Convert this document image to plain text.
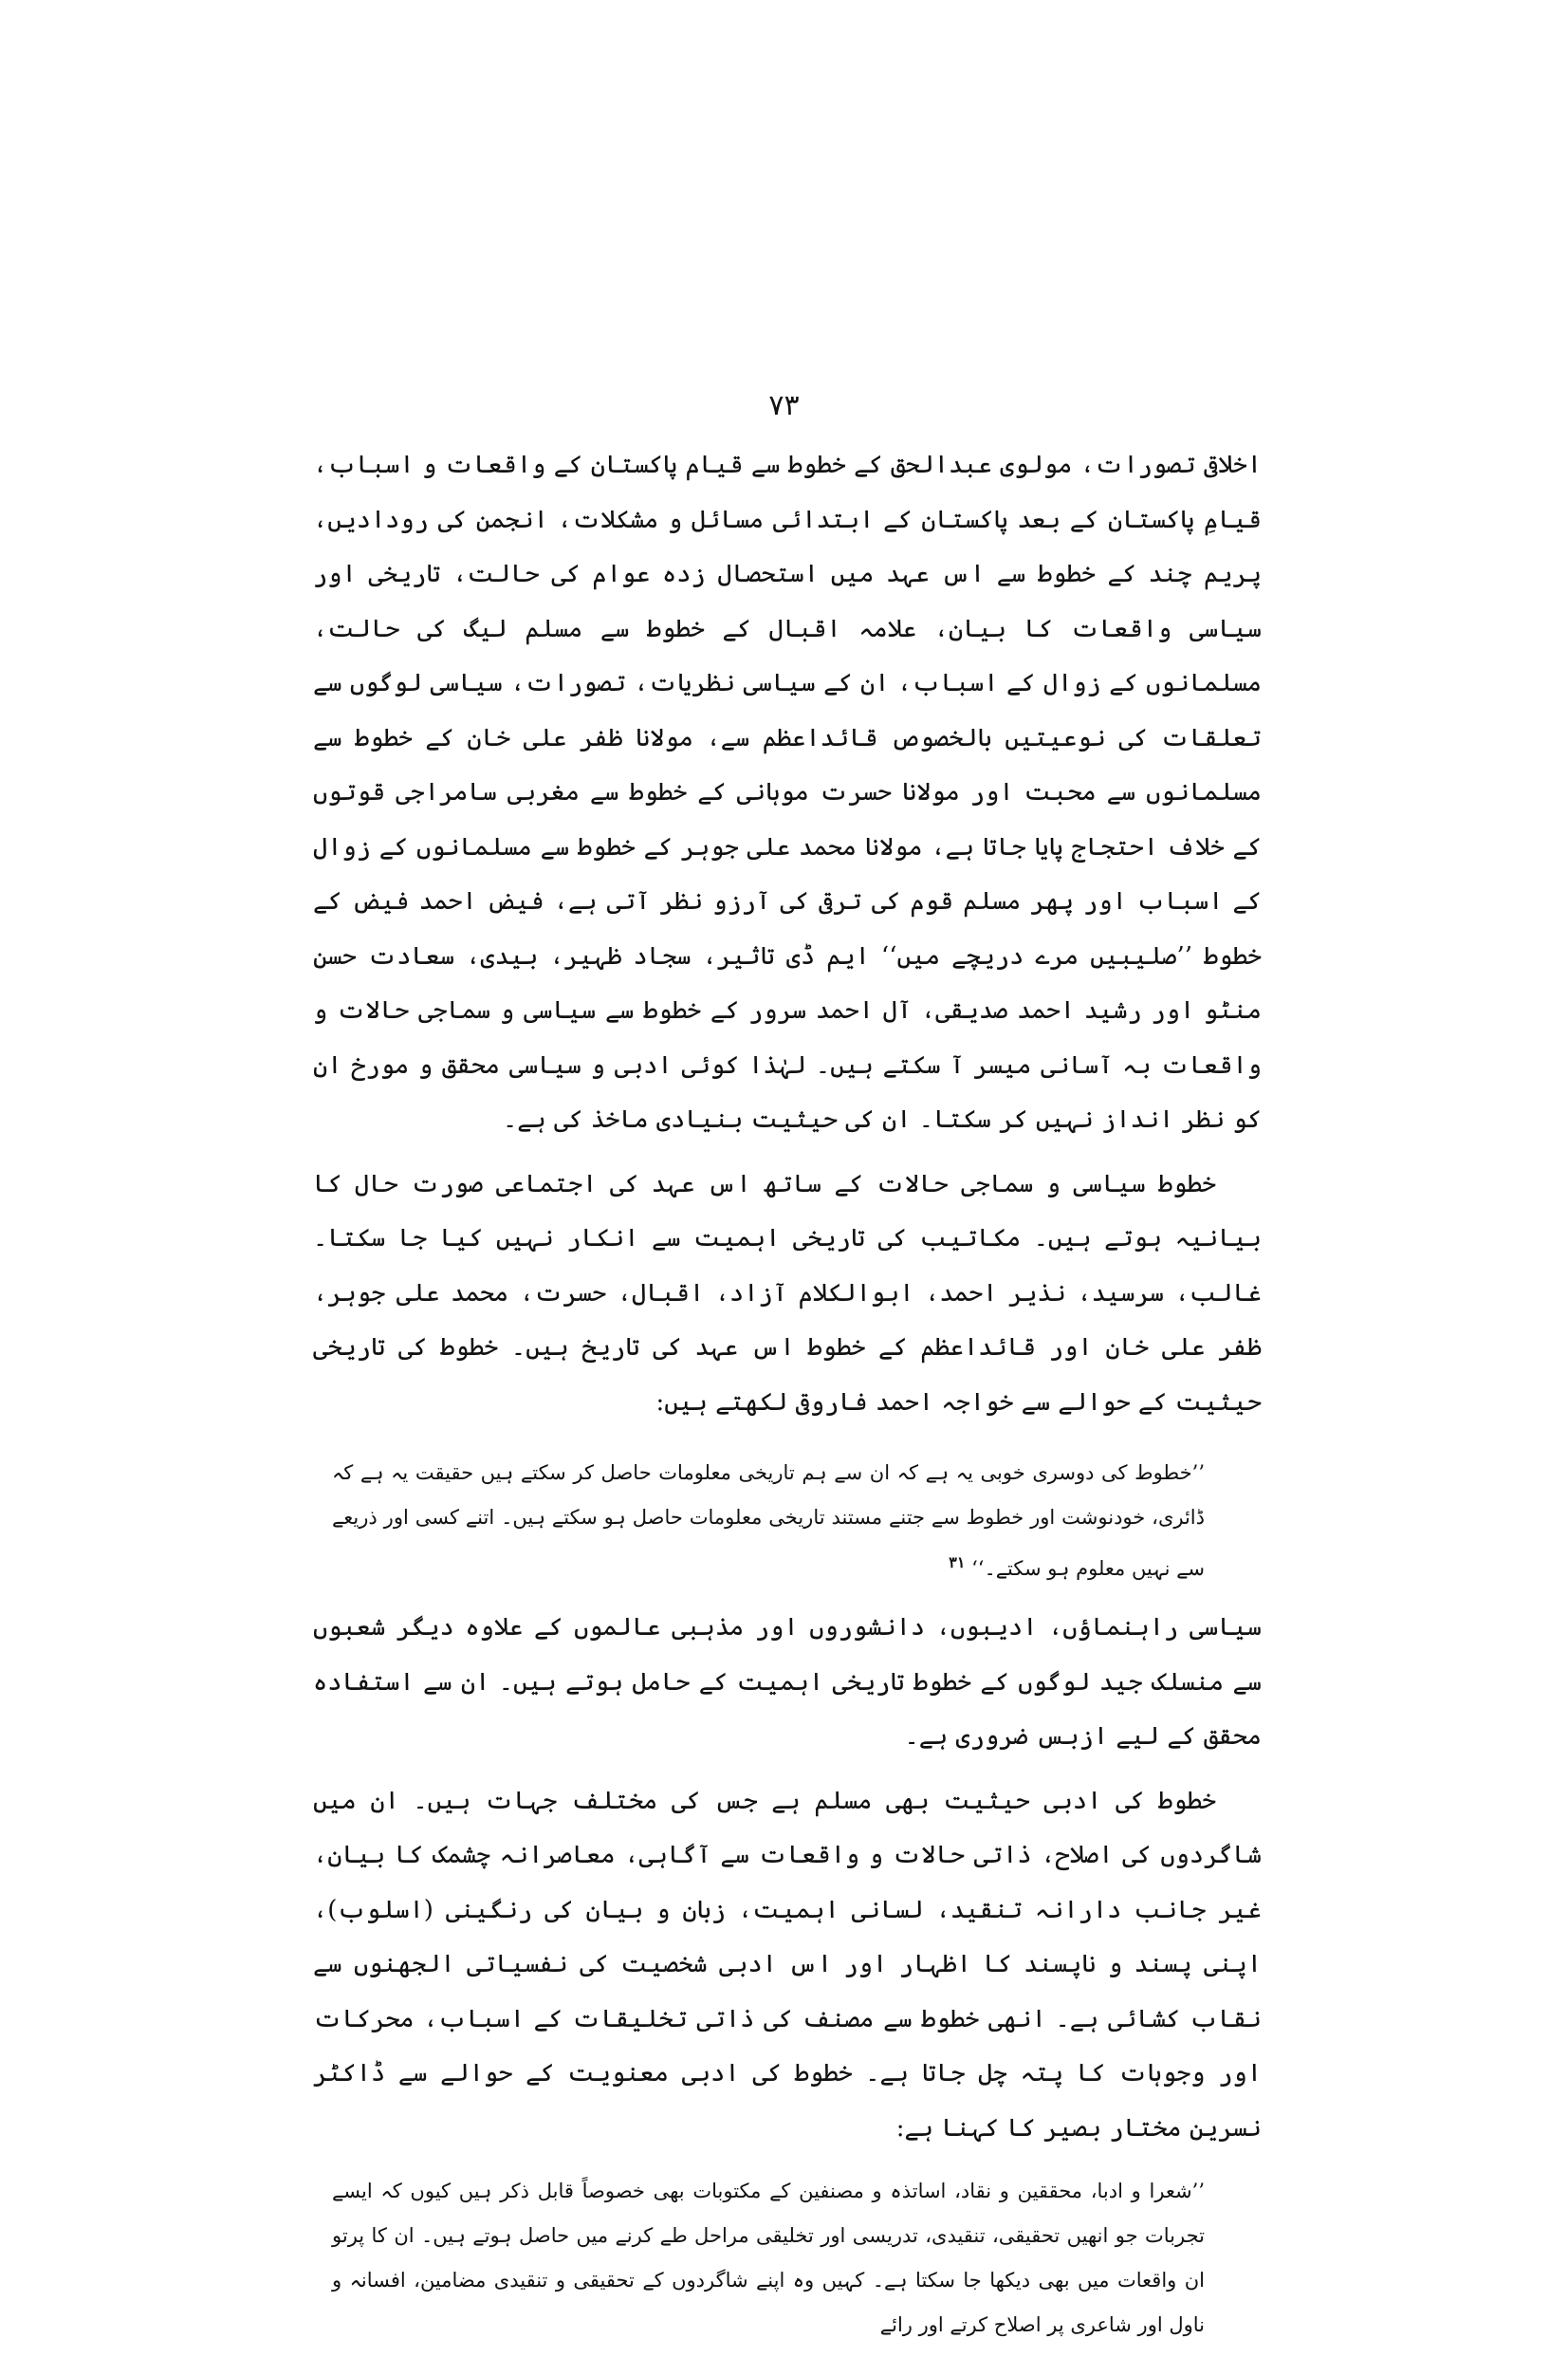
۷۳

اخلاقی تصورات، مولوی عبدالحق کے خطوط سے قیام پاکستان کے واقعات و اسباب، قیامِ پاکستان کے بعد پاکستان کے ابتدائی مسائل و مشکلات، انجمن کی رودادیں، پریم چند کے خطوط سے اس عہد میں استحصال زدہ عوام کی حالت، تاریخی اور سیاسی واقعات کا بیان، علامہ اقبال کے خطوط سے مسلم لیگ کی حالت، مسلمانوں کے زوال کے اسباب، ان کے سیاسی نظریات، تصورات، سیاسی لوگوں سے تعلقات کی نوعیتیں بالخصوص قائداعظم سے، مولانا ظفر علی خان کے خطوط سے مسلمانوں سے محبت اور مولانا حسرت موہانی کے خطوط سے مغربی سامراجی قوتوں کے خلاف احتجاج پایا جاتا ہے، مولانا محمد علی جوہر کے خطوط سے مسلمانوں کے زوال کے اسباب اور پھر مسلم قوم کی ترقی کی آرزو نظر آتی ہے، فیض احمد فیض کے خطوط ’’صلیبیں مرے دریچے میں‘‘ ایم ڈی تاثیر، سجاد ظہیر، بیدی، سعادت حسن منٹو اور رشید احمد صدیقی، آل احمد سرور کے خطوط سے سیاسی و سماجی حالات و واقعات بہ آسانی میسر آ سکتے ہیں۔ لہٰذا کوئی ادبی و سیاسی محقق و مورخ ان کو نظر انداز نہیں کر سکتا۔ ان کی حیثیت بنیادی ماخذ کی ہے۔

خطوط سیاسی و سماجی حالات کے ساتھ اس عہد کی اجتماعی صورت حال کا بیانیہ ہوتے ہیں۔ مکاتیب کی تاریخی اہمیت سے انکار نہیں کیا جا سکتا۔ غالب، سرسید، نذیر احمد، ابوالکلام آزاد، اقبال، حسرت، محمد علی جوہر، ظفر علی خان اور قائداعظم کے خطوط اس عہد کی تاریخ ہیں۔ خطوط کی تاریخی حیثیت کے حوالے سے خواجہ احمد فاروقی لکھتے ہیں:

’’خطوط کی دوسری خوبی یہ ہے کہ ان سے ہم تاریخی معلومات حاصل کر سکتے ہیں حقیقت یہ ہے کہ ڈائری، خودنوشت اور خطوط سے جتنے مستند تاریخی معلومات حاصل ہو سکتے ہیں۔ اتنے کسی اور ذریعے سے نہیں معلوم ہو سکتے۔‘‘ $^{۳۱}$

سیاسی راہنماؤں، ادیبوں، دانشوروں اور مذہبی عالموں کے علاوہ دیگر شعبوں سے منسلک جید لوگوں کے خطوط تاریخی اہمیت کے حامل ہوتے ہیں۔ ان سے استفادہ محقق کے لیے ازبس ضروری ہے۔

خطوط کی ادبی حیثیت بھی مسلم ہے جس کی مختلف جہات ہیں۔ ان میں شاگردوں کی اصلاح، ذاتی حالات و واقعات سے آگاہی، معاصرانہ چشمک کا بیان، غیر جانب دارانہ تنقید، لسانی اہمیت، زبان و بیان کی رنگینی (اسلوب)، اپنی پسند و ناپسند کا اظہار اور اس ادبی شخصیت کی نفسیاتی الجھنوں سے نقاب کشائی ہے۔ انھی خطوط سے مصنف کی ذاتی تخلیقات کے اسباب، محرکات اور وجوہات کا پتہ چل جاتا ہے۔ خطوط کی ادبی معنویت کے حوالے سے ڈاکٹر نسرین مختار بصیر کا کہنا ہے:

’’شعرا و ادبا، محققین و نقاد، اساتذہ و مصنفین کے مکتوبات بھی خصوصاً قابل ذکر ہیں کیوں کہ ایسے تجربات جو انھیں تحقیقی، تنقیدی، تدریسی اور تخلیقی مراحل طے کرنے میں حاصل ہوتے ہیں۔ ان کا پرتو ان واقعات میں بھی دیکھا جا سکتا ہے۔ کہیں وہ اپنے شاگردوں کے تحقیقی و تنقیدی مضامین، افسانہ و ناول اور شاعری پر اصلاح کرتے اور رائے
